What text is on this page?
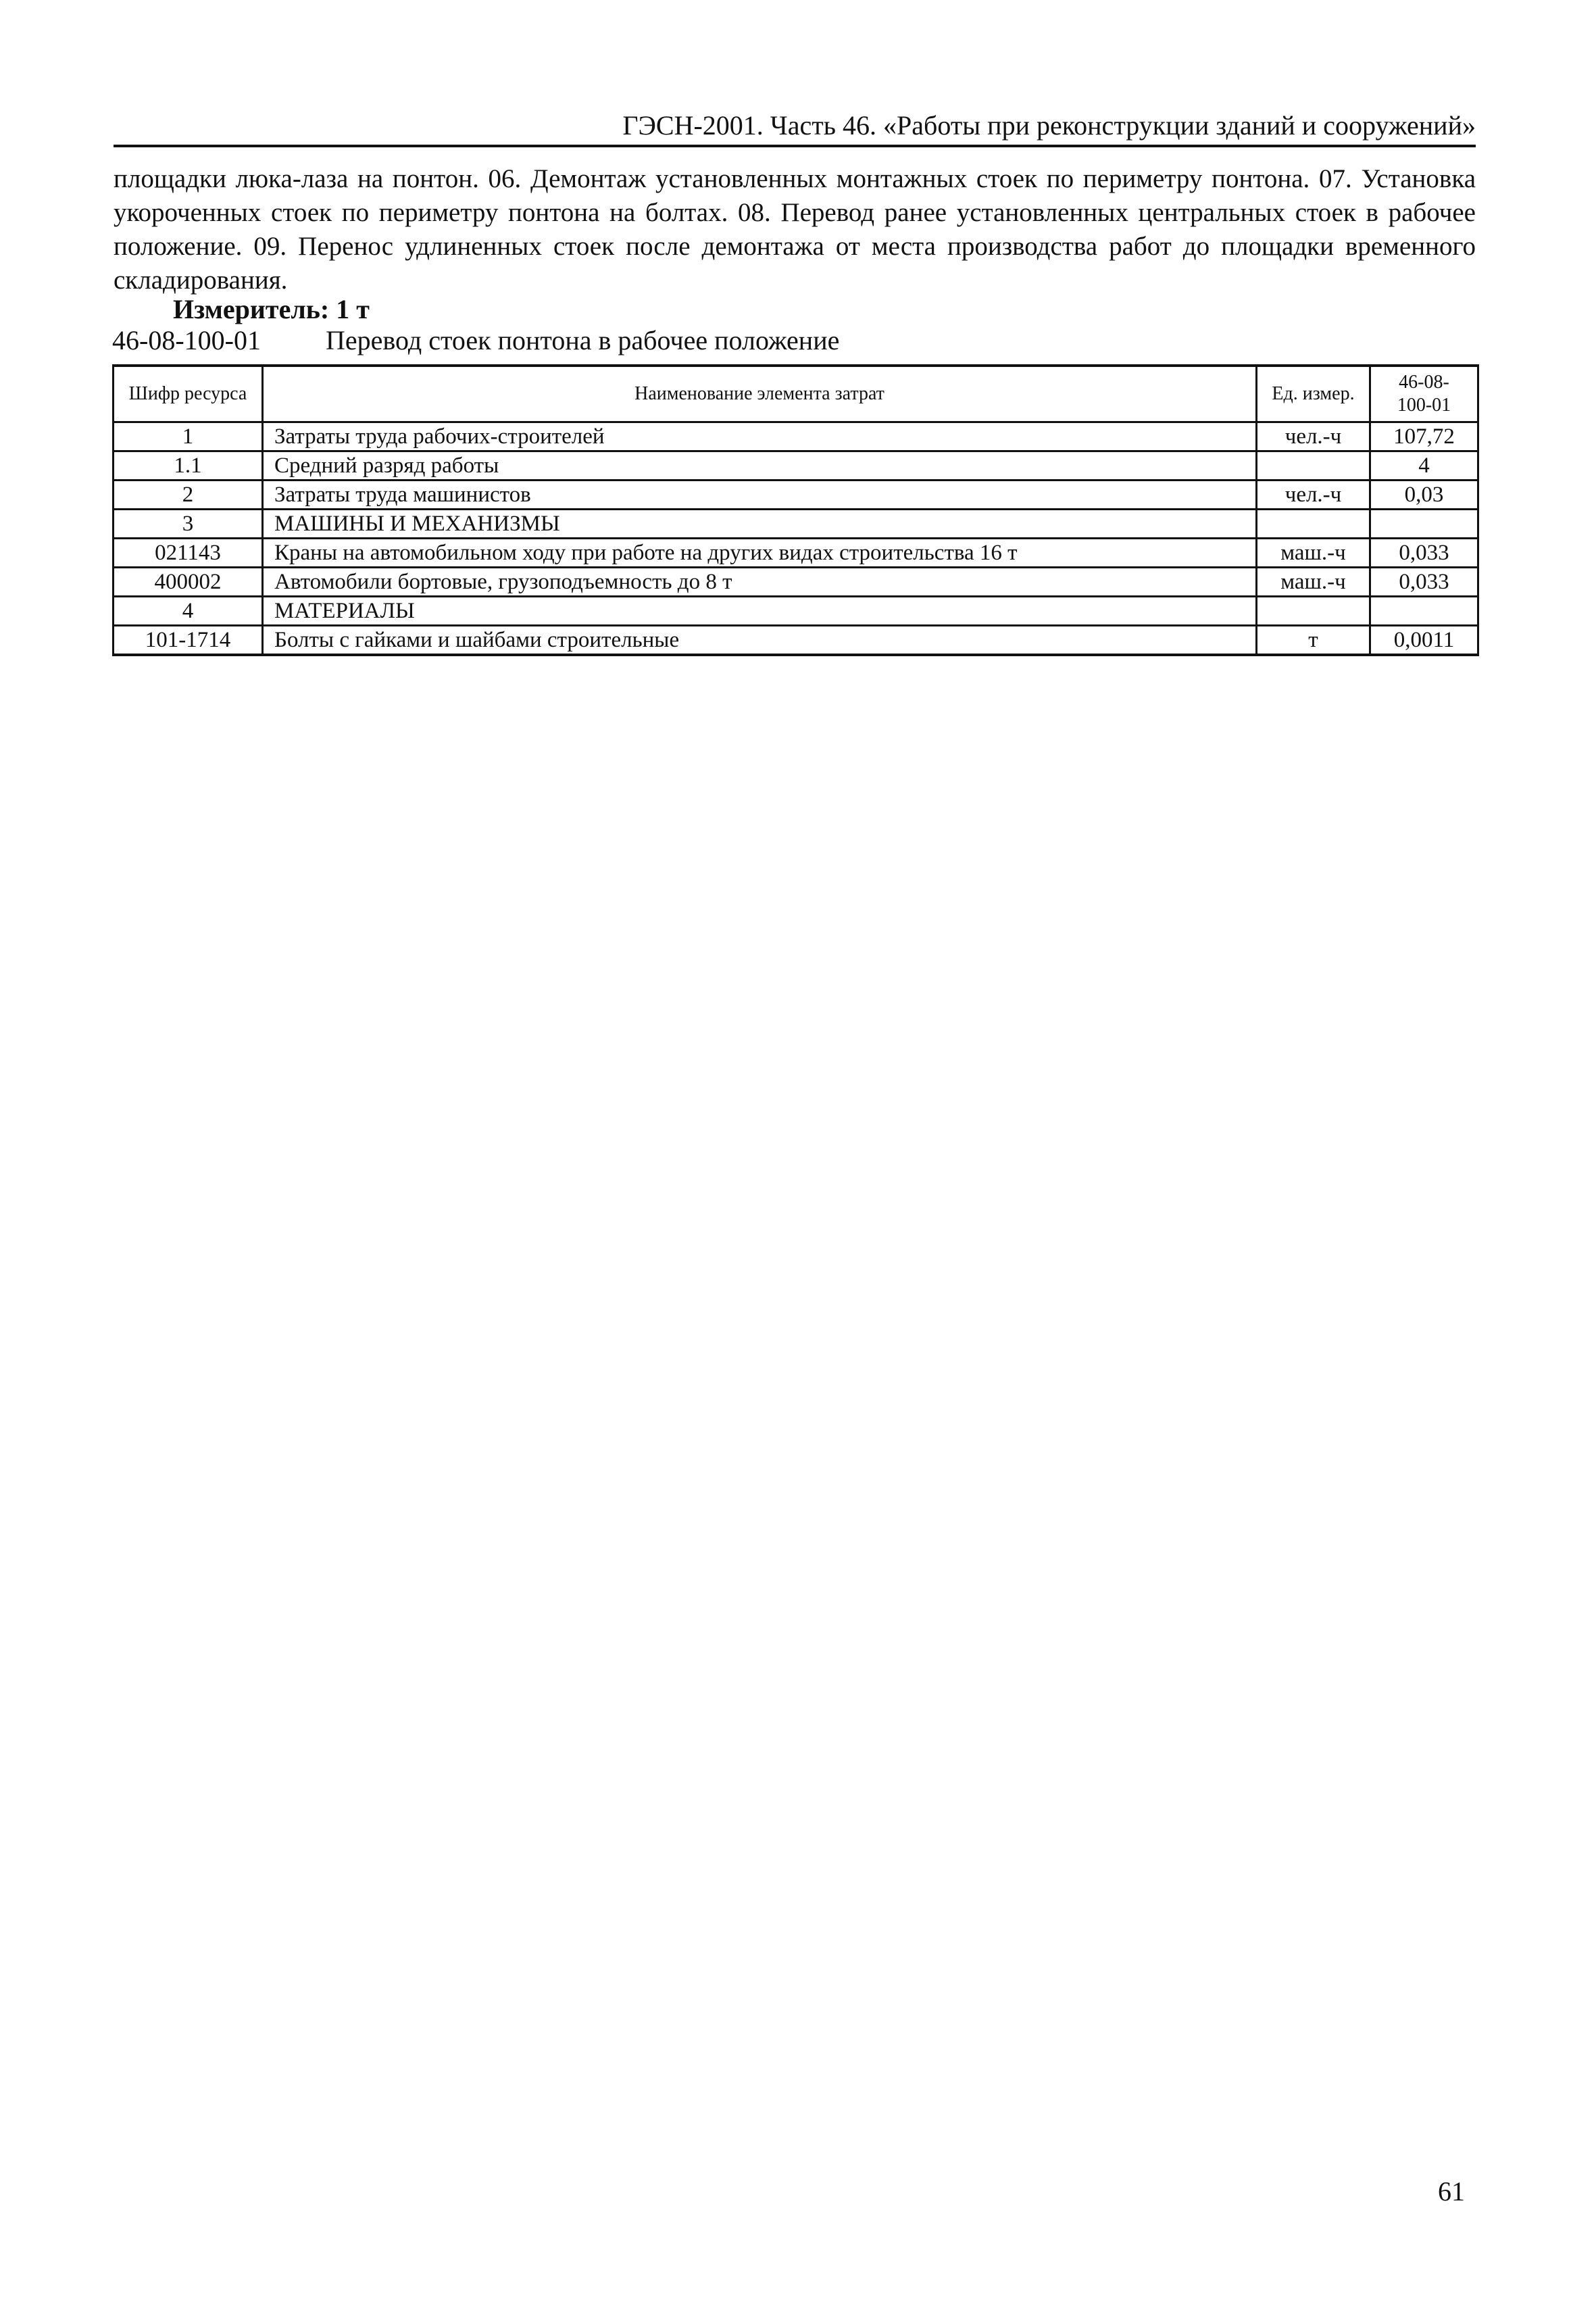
ГЭСН-2001. Часть 46. «Работы при реконструкции зданий и сооружений»
площадки люка-лаза на понтон. 06. Демонтаж установленных монтажных стоек по периметру понтона. 07. Установка укороченных стоек по периметру понтона на болтах. 08. Перевод ранее установленных центральных стоек в рабочее положение. 09. Перенос удлиненных стоек после демонтажа от места производства работ до площадки временного складирования.
Измеритель: 1 т
46-08-100-01 Перевод стоек понтона в рабочее положение
Шифр ресурса	Наименование элемента затрат	Ед. измер.	46-08-100-01
1	Затраты труда рабочих-строителей	чел.-ч	107,72
1.1	Средний разряд работы		4
2	Затраты труда машинистов	чел.-ч	0,03
3	МАШИНЫ И МЕХАНИЗМЫ		
021143	Краны на автомобильном ходу при работе на других видах строительства 16 т	маш.-ч	0,033
400002	Автомобили бортовые, грузоподъемность до 8 т	маш.-ч	0,033
4	МАТЕРИАЛЫ		
101-1714	Болты с гайками и шайбами строительные	т	0,0011
61
